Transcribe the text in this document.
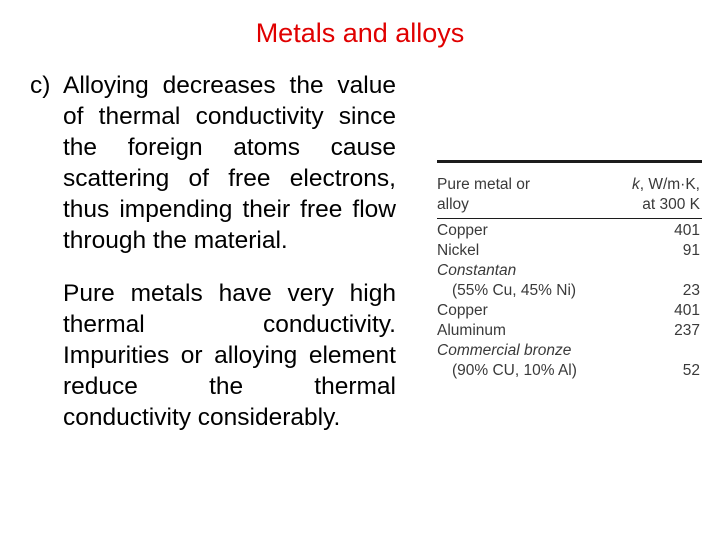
Metals and alloys

c) Alloying decreases the value of thermal conductivity since the foreign atoms cause scattering of free electrons, thus impending their free flow through the material.

Pure metals have very high thermal conductivity. Impurities or alloying element reduce the thermal conductivity considerably.

Pure metal or	k, W/m·K,
alloy	at 300 K
Copper	401
Nickel	91
Constantan
(55% Cu, 45% Ni)	23
Copper	401
Aluminum	237
Commercial bronze
(90% CU, 10% Al)	52
